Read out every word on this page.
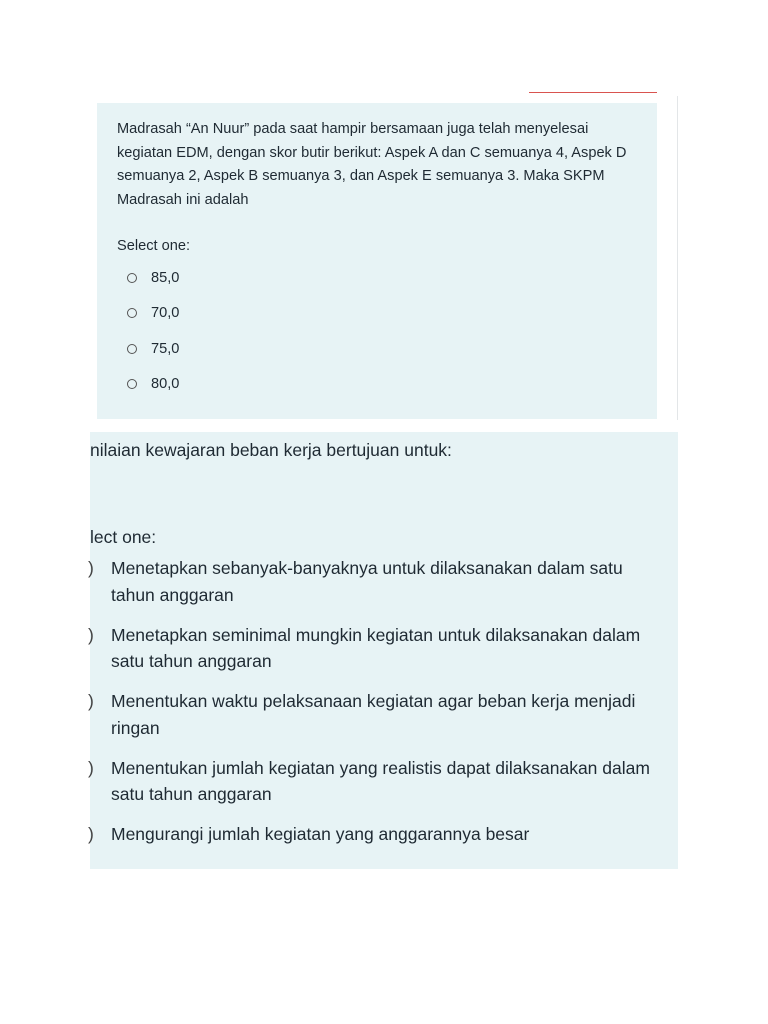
Madrasah “An Nuur” pada saat hampir bersamaan juga telah menyelesai kegiatan EDM, dengan skor butir berikut: Aspek A dan C semuanya 4, Aspek D semuanya 2, Aspek B semuanya 3, dan Aspek E semuanya 3. Maka SKPM Madrasah ini adalah

Select one:
85,0
70,0
75,0
80,0

nilaian kewajaran beban kerja bertujuan untuk:

lect one:
) Menetapkan sebanyak-banyaknya untuk dilaksanakan dalam satu tahun anggaran
) Menetapkan seminimal mungkin kegiatan untuk dilaksanakan dalam satu tahun anggaran
) Menentukan waktu pelaksanaan kegiatan agar beban kerja menjadi ringan
) Menentukan jumlah kegiatan yang realistis dapat dilaksanakan dalam satu tahun anggaran
) Mengurangi jumlah kegiatan yang anggarannya besar
